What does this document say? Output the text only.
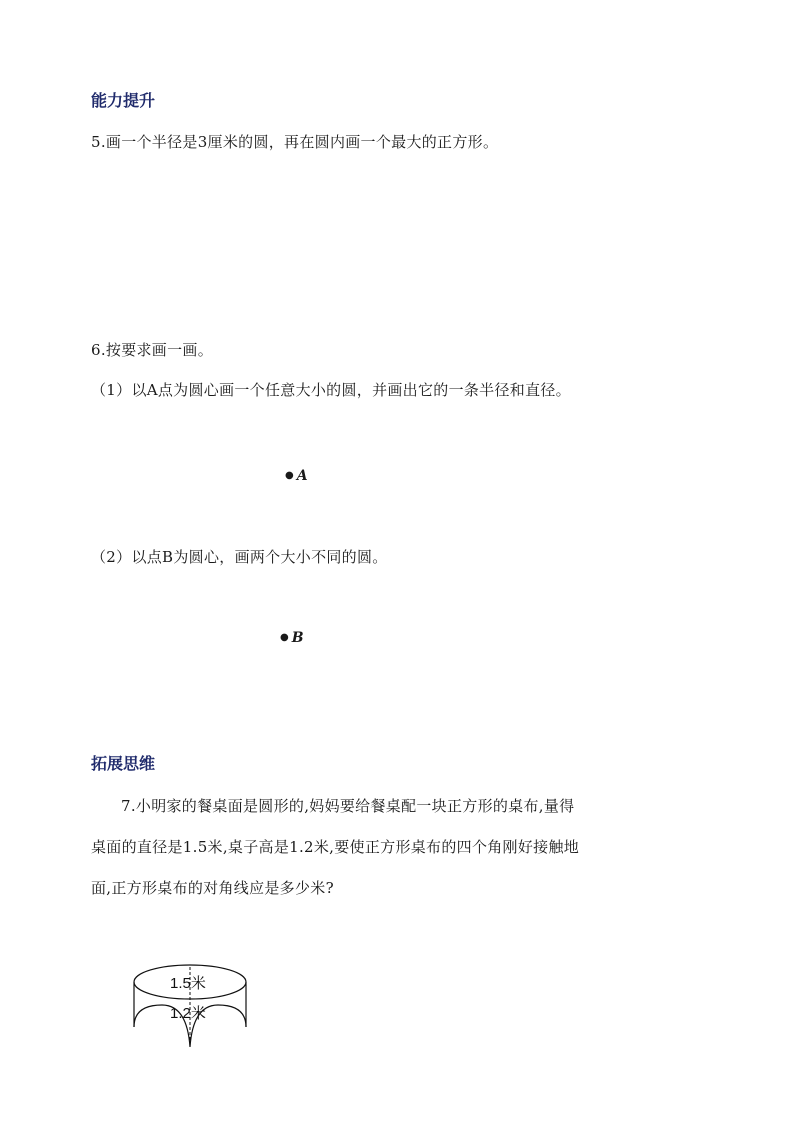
能力提升
5.画一个半径是3厘米的圆，再在圆内画一个最大的正方形。
6.按要求画一画。
（1）以A点为圆心画一个任意大小的圆，并画出它的一条半径和直径。
● A
（2）以点B为圆心，画两个大小不同的圆。
● B
拓展思维
7.小明家的餐桌面是圆形的,妈妈要给餐桌配一块正方形的桌布,量得
桌面的直径是1.5米,桌子高是1.2米,要使正方形桌布的四个角刚好接触地
面,正方形桌布的对角线应是多少米?
1.5米
1.2米
